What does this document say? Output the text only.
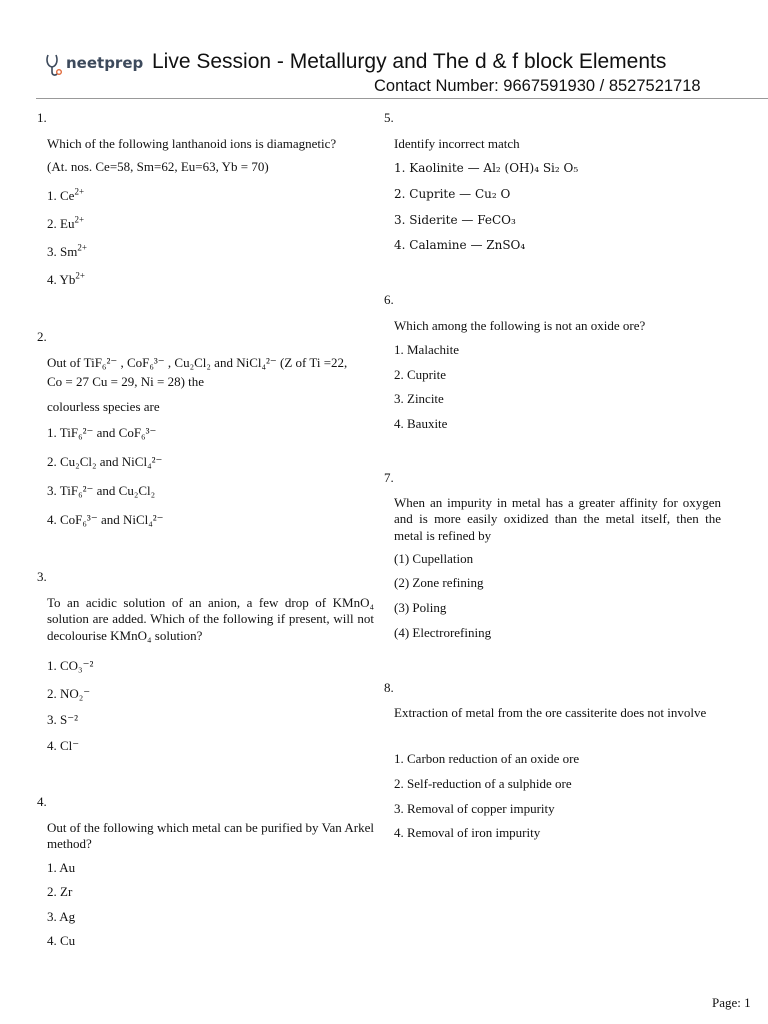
neetprep Live Session - Metallurgy and The d & f block Elements
Contact Number: 9667591930 / 8527521718
1.
Which of the following lanthanoid ions is diamagnetic?
(At. nos. Ce=58, Sm=62, Eu=63, Yb = 70)
1. $Ce^{2+}$
2. $Eu^{2+}$
3. $Sm^{2+}$
4. $Yb^{2+}$
2.
Out of TiF₆²⁻ , CoF₆³⁻ , Cu₂Cl₂ and NiCl₄²⁻ (Z of Ti =22,
Co = 27 Cu = 29, Ni = 28) the
colourless species are
1. TiF₆²⁻ and CoF₆³⁻
2. Cu₂Cl₂ and NiCl₄²⁻
3. TiF₆²⁻ and Cu₂Cl₂
4. CoF₆³⁻ and NiCl₄²⁻
3.
To an acidic solution of an anion, a few drop of KMnO₄ solution are added. Which of the following if present, will not decolourise KMnO₄ solution?
1. CO₃⁻²
2. NO₂⁻
3. S⁻²
4. Cl⁻
4.
Out of the following which metal can be purified by Van Arkel method?
1. Au
2. Zr
3. Ag
4. Cu
5.
Identify incorrect match
1. Kaolinite — Al₂ (OH)₄ Si₂ O₅
2. Cuprite — Cu₂ O
3. Siderite — FeCO₃
4. Calamine — ZnSO₄
6.
Which among the following is not an oxide ore?
1. Malachite
2. Cuprite
3. Zincite
4. Bauxite
7.
When an impurity in metal has a greater affinity for oxygen and is more easily oxidized than the metal itself, then the metal is refined by
(1) Cupellation
(2) Zone refining
(3) Poling
(4) Electrorefining
8.
Extraction of metal from the ore cassiterite does not involve
1. Carbon reduction of an oxide ore
2. Self-reduction of a sulphide ore
3. Removal of copper impurity
4. Removal of iron impurity
Page: 1
